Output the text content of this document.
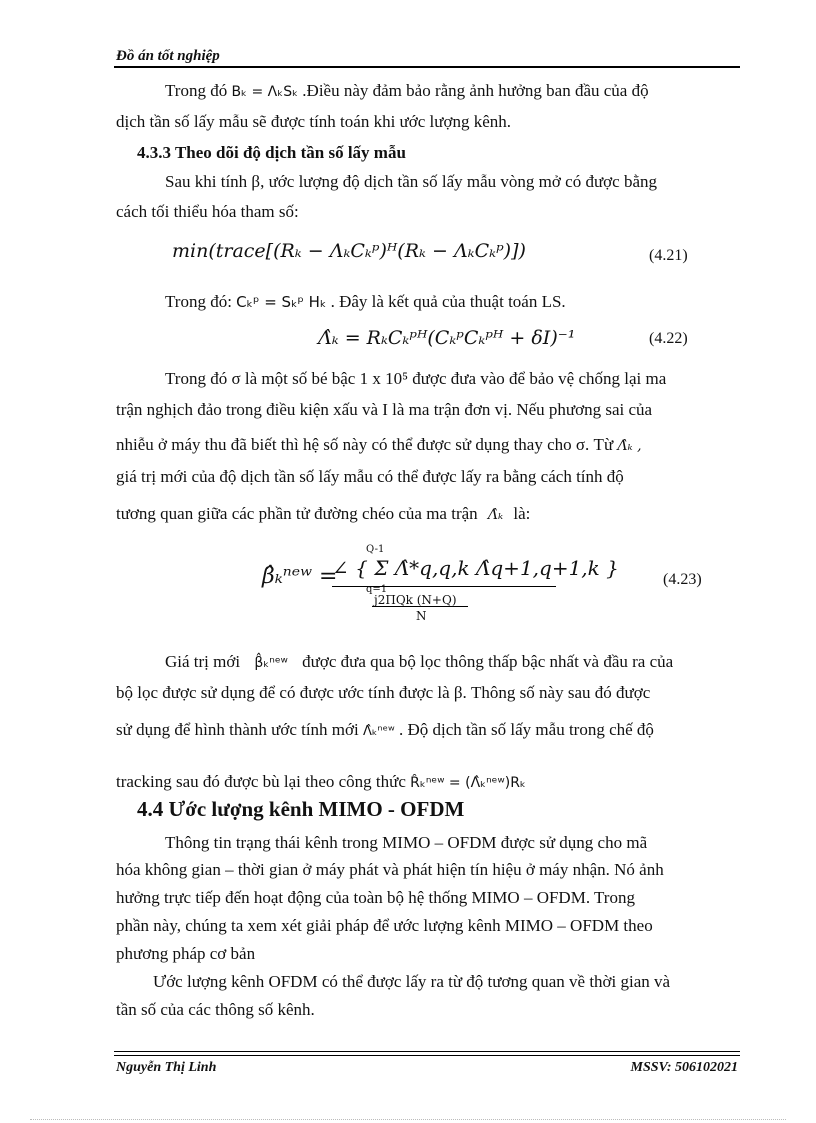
Đồ án tốt nghiệp
Trong đó Bₖ = ΛₖSₖ .Điều này đảm bảo rằng ảnh hưởng ban đầu của độ
dịch tần số lấy mẫu sẽ được tính toán khi ước lượng kênh.
4.3.3 Theo dõi độ dịch tần số lấy mẫu
Sau khi tính β, ước lượng độ dịch tần số lấy mẫu vòng mở có được bằng
cách tối thiểu hóa tham số:
min(trace[(Rₖ − ΛₖCₖᵖ)ᴴ(Rₖ − ΛₖCₖᵖ)])	(4.21)
Trong đó: Cₖᵖ = Sₖᵖ Hₖ . Đây là kết quả của thuật toán LS.
Λ̂ₖ = RₖCₖᵖᴴ(CₖᵖCₖᵖᴴ + δI)⁻¹	(4.22)
Trong đó σ là một số bé bậc 1 x 10⁵ được đưa vào để bảo vệ chống lại ma
trận nghịch đảo trong điều kiện xấu và I là ma trận đơn vị. Nếu phương sai của
nhiễu ở máy thu đã biết thì hệ số này có thể được sử dụng thay cho σ. Từ Λ̂ₖ ,
giá trị mới của độ dịch tần số lấy mẫu có thể được lấy ra bằng cách tính độ
tương quan giữa các phần tử đường chéo của ma trận Λ̂ₖ là:
β̂ₖⁿᵉʷ =
∠ { Σ Λ̂*q,q,k Λ̂q+1,q+1,k }
Q-1
q=1
j2ΠQk (N+Q)
N
(4.23)
Giá trị mới β̂ₖⁿᵉʷ được đưa qua bộ lọc thông thấp bậc nhất và đầu ra của
bộ lọc được sử dụng để có được ước tính được là β. Thông số này sau đó được
sử dụng để hình thành ước tính mới Λ̂ₖⁿᵉʷ . Độ dịch tần số lấy mẫu trong chế độ
tracking sau đó được bù lại theo công thức R̂ₖⁿᵉʷ = (Λ̂ₖⁿᵉʷ)Rₖ
4.4 Ước lượng kênh MIMO - OFDM
Thông tin trạng thái kênh trong MIMO – OFDM được sử dụng cho mã
hóa không gian – thời gian ở máy phát và phát hiện tín hiệu ở máy nhận. Nó ảnh
hưởng trực tiếp đến hoạt động của toàn bộ hệ thống MIMO – OFDM. Trong
phần này, chúng ta xem xét giải pháp để ước lượng kênh MIMO – OFDM theo
phương pháp cơ bản
Ước lượng kênh OFDM có thể được lấy ra từ độ tương quan về thời gian và
tần số của các thông số kênh.
Nguyễn Thị Linh	MSSV: 506102021
